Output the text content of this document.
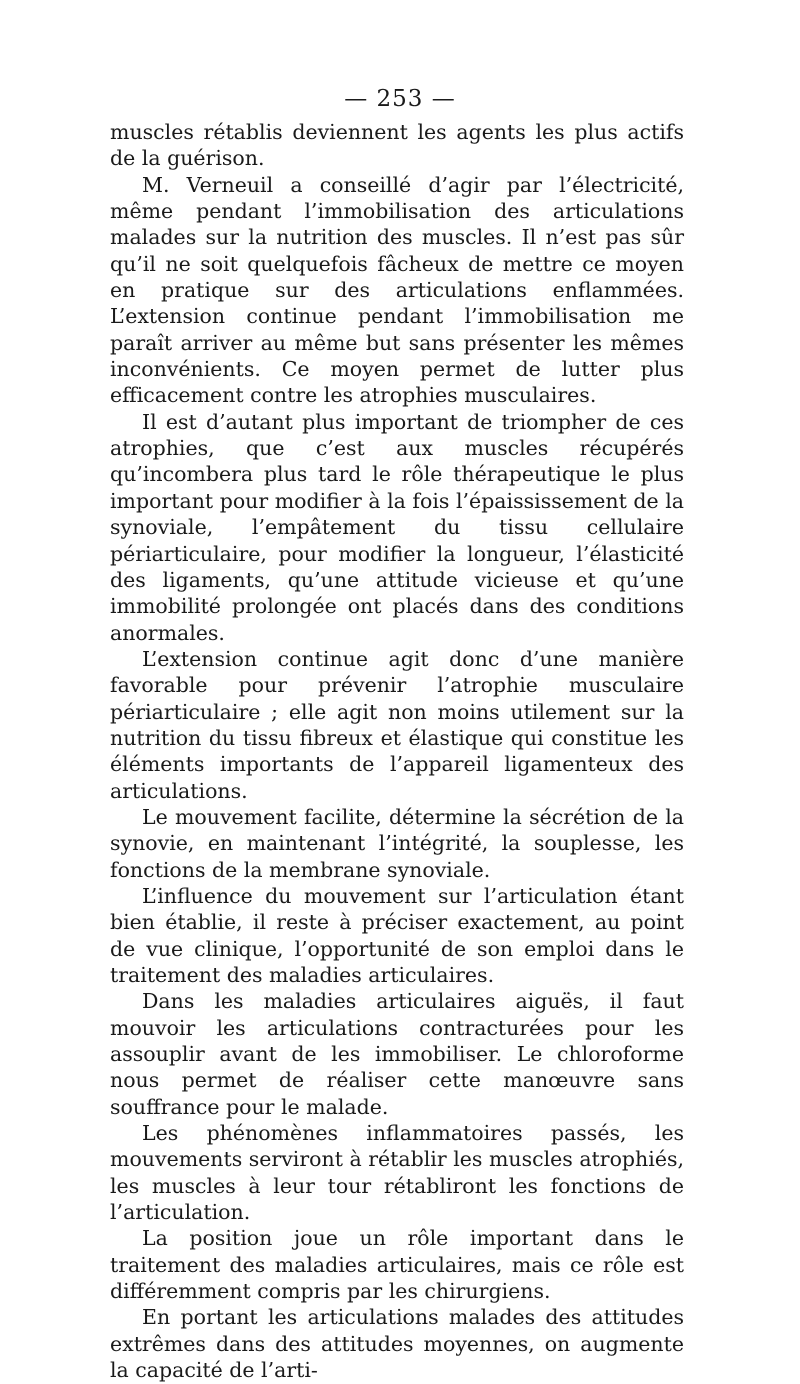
— 253 —

muscles rétablis deviennent les agents les plus actifs de la guérison.

M. Verneuil a conseillé d’agir par l’électricité, même pendant l’immobilisation des articulations malades sur la nutrition des muscles. Il n’est pas sûr qu’il ne soit quelquefois fâcheux de mettre ce moyen en pratique sur des articulations enflammées. L’extension continue pendant l’immobilisation me paraît arriver au même but sans présenter les mêmes inconvénients. Ce moyen permet de lutter plus efficacement contre les atrophies musculaires.

Il est d’autant plus important de triompher de ces atrophies, que c’est aux muscles récupérés qu’incombera plus tard le rôle thérapeutique le plus important pour modifier à la fois l’épaississement de la synoviale, l’empâtement du tissu cellulaire périarticulaire, pour modifier la longueur, l’élasticité des ligaments, qu’une attitude vicieuse et qu’une immobilité prolongée ont placés dans des conditions anormales.

L’extension continue agit donc d’une manière favorable pour prévenir l’atrophie musculaire périarticulaire ; elle agit non moins utilement sur la nutrition du tissu fibreux et élastique qui constitue les éléments importants de l’appareil ligamenteux des articulations.

Le mouvement facilite, détermine la sécrétion de la synovie, en maintenant l’intégrité, la souplesse, les fonctions de la membrane synoviale.

L’influence du mouvement sur l’articulation étant bien établie, il reste à préciser exactement, au point de vue clinique, l’opportunité de son emploi dans le traitement des maladies articulaires.

Dans les maladies articulaires aiguës, il faut mouvoir les articulations contracturées pour les assouplir avant de les immobiliser. Le chloroforme nous permet de réaliser cette manœuvre sans souffrance pour le malade.

Les phénomènes inflammatoires passés, les mouvements serviront à rétablir les muscles atrophiés, les muscles à leur tour rétabliront les fonctions de l’articulation.

La position joue un rôle important dans le traitement des maladies articulaires, mais ce rôle est différemment compris par les chirurgiens.

En portant les articulations malades des attitudes extrêmes dans des attitudes moyennes, on augmente la capacité de l’arti-
